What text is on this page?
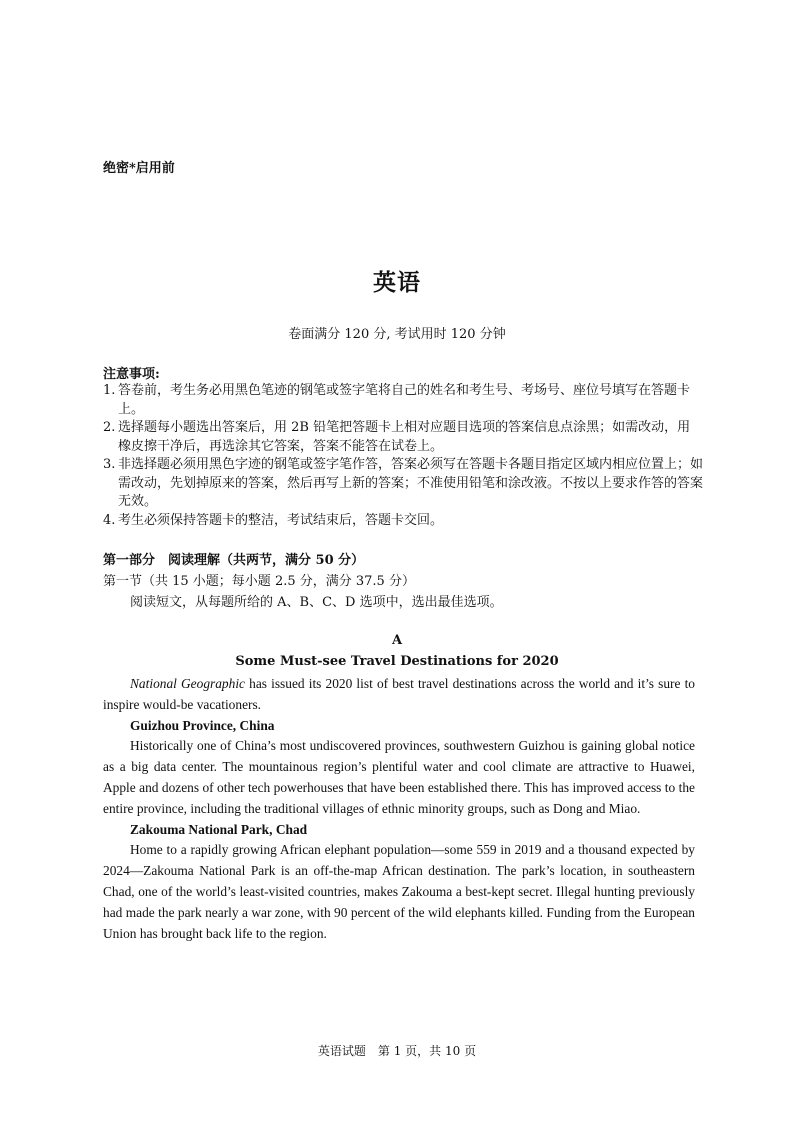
绝密*启用前
英语
卷面满分 120 分, 考试用时 120 分钟
注意事项:
1. 答卷前，考生务必用黑色笔迹的钢笔或签字笔将自己的姓名和考生号、考场号、座位号填写在答题卡上。
2. 选择题每小题选出答案后，用 2B 铅笔把答题卡上相对应题目选项的答案信息点涂黑；如需改动，用橡皮擦干净后，再选涂其它答案，答案不能答在试卷上。
3. 非选择题必须用黑色字迹的钢笔或签字笔作答，答案必须写在答题卡各题目指定区域内相应位置上；如需改动，先划掉原来的答案，然后再写上新的答案；不准使用铅笔和涂改液。不按以上要求作答的答案无效。
4. 考生必须保持答题卡的整洁，考试结束后，答题卡交回。
第一部分　阅读理解（共两节，满分 50 分）
第一节（共 15 小题；每小题 2.5 分，满分 37.5 分）
阅读短文，从每题所给的 A、B、C、D 选项中，选出最佳选项。
A
Some Must-see Travel Destinations for 2020

National Geographic has issued its 2020 list of best travel destinations across the world and it’s sure to inspire would-be vacationers.

Guizhou Province, China

Historically one of China’s most undiscovered provinces, southwestern Guizhou is gaining global notice as a big data center. The mountainous region’s plentiful water and cool climate are attractive to Huawei, Apple and dozens of other tech powerhouses that have been established there. This has improved access to the entire province, including the traditional villages of ethnic minority groups, such as Dong and Miao.

Zakouma National Park, Chad

Home to a rapidly growing African elephant population—some 559 in 2019 and a thousand expected by 2024—Zakouma National Park is an off-the-map African destination. The park’s location, in southeastern Chad, one of the world’s least-visited countries, makes Zakouma a best-kept secret. Illegal hunting previously had made the park nearly a war zone, with 90 percent of the wild elephants killed. Funding from the European Union has brought back life to the region.

英语试题　第 1 页，共 10 页
